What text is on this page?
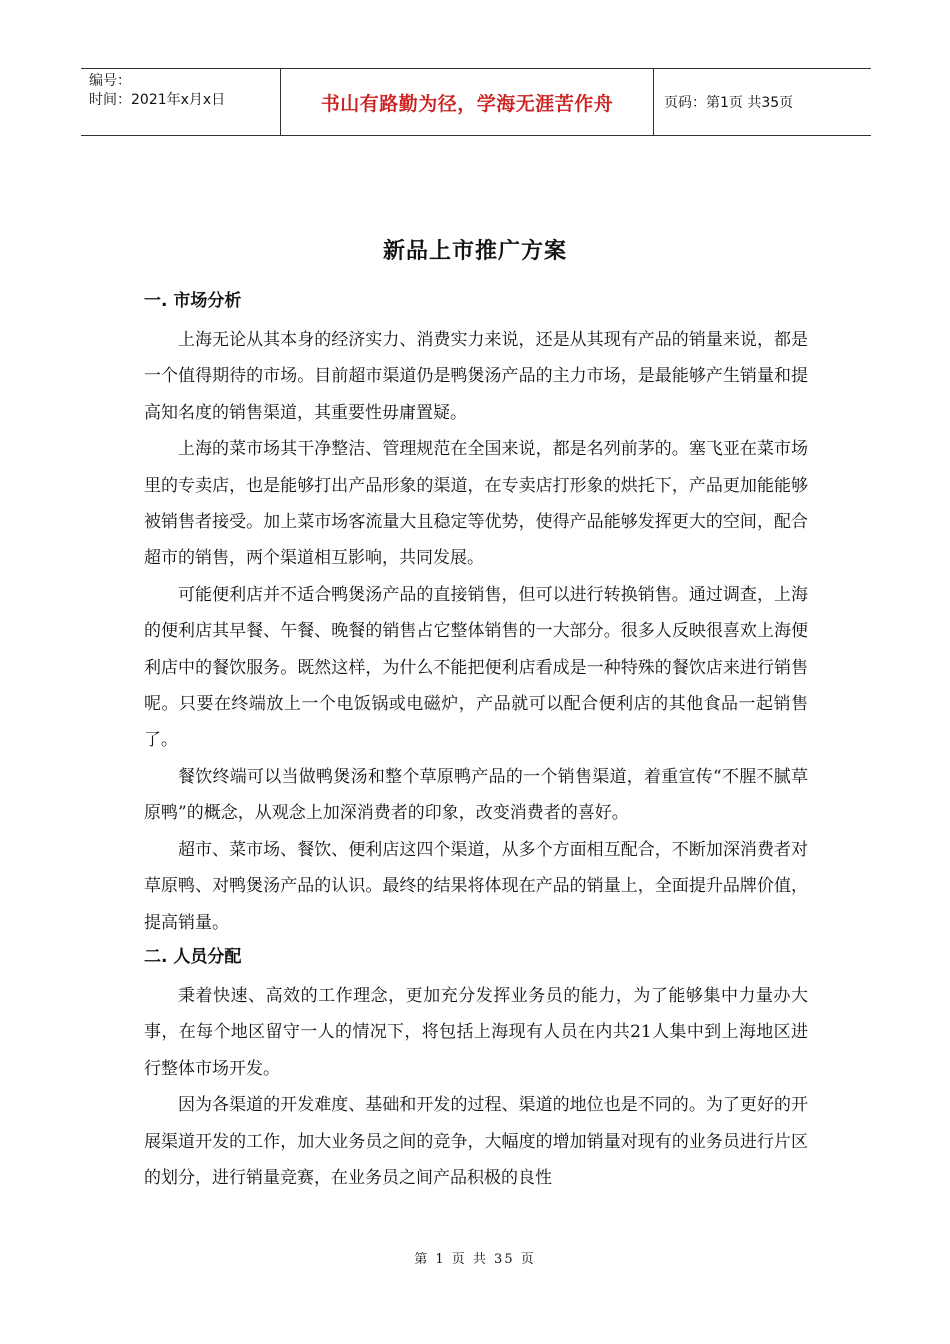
编号：
时间：2021年x月x日	书山有路勤为径，学海无涯苦作舟	页码：第1页 共35页
新品上市推广方案
一. 市场分析

上海无论从其本身的经济实力、消费实力来说，还是从其现有产品的销量来说，都是一个值得期待的市场。目前超市渠道仍是鸭煲汤产品的主力市场，是最能够产生销量和提高知名度的销售渠道，其重要性毋庸置疑。

上海的菜市场其干净整洁、管理规范在全国来说，都是名列前茅的。塞飞亚在菜市场里的专卖店，也是能够打出产品形象的渠道，在专卖店打形象的烘托下，产品更加能能够被销售者接受。加上菜市场客流量大且稳定等优势，使得产品能够发挥更大的空间，配合超市的销售，两个渠道相互影响，共同发展。

可能便利店并不适合鸭煲汤产品的直接销售，但可以进行转换销售。通过调查，上海的便利店其早餐、午餐、晚餐的销售占它整体销售的一大部分。很多人反映很喜欢上海便利店中的餐饮服务。既然这样，为什么不能把便利店看成是一种特殊的餐饮店来进行销售呢。只要在终端放上一个电饭锅或电磁炉，产品就可以配合便利店的其他食品一起销售了。

餐饮终端可以当做鸭煲汤和整个草原鸭产品的一个销售渠道，着重宣传“不腥不腻草原鸭”的概念，从观念上加深消费者的印象，改变消费者的喜好。

超市、菜市场、餐饮、便利店这四个渠道，从多个方面相互配合，不断加深消费者对草原鸭、对鸭煲汤产品的认识。最终的结果将体现在产品的销量上，全面提升品牌价值，提高销量。

二. 人员分配

秉着快速、高效的工作理念，更加充分发挥业务员的能力，为了能够集中力量办大事，在每个地区留守一人的情况下，将包括上海现有人员在内共21人集中到上海地区进行整体市场开发。

因为各渠道的开发难度、基础和开发的过程、渠道的地位也是不同的。为了更好的开展渠道开发的工作，加大业务员之间的竞争，大幅度的增加销量对现有的业务员进行片区的划分，进行销量竞赛，在业务员之间产品积极的良性

第 1 页 共 35 页
